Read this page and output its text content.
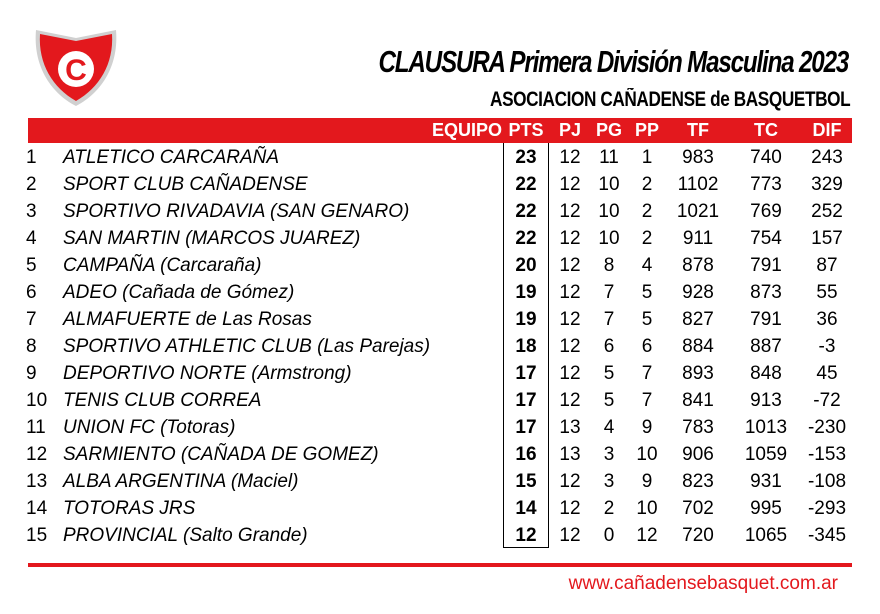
C	CLAUSURA Primera División Masculina 2023
ASOCIACION CAÑADENSE de BASQUETBOL
EQUIPO PTS PJ PG PP	TF	TC	DIF
1	ATLETICO CARCARAÑA	23	12 11	1	983	740	243
2	SPORT CLUB CAÑADENSE	22	12 10	2	1102	773	329
3	SPORTIVO RIVADAVIA (SAN GENARO)	22	12 10	2	1021	769	252
4	SAN MARTIN (MARCOS JUAREZ)	22	12 10	2	911	754	157
5	CAMPAÑA (Carcaraña)	20	12	8	4	878	791	87
6	ADEO (Cañada de Gómez)	19	12	7	5	928	873	55
7	ALMAFUERTE de Las Rosas	19	12	7	5	827	791	36
8	SPORTIVO ATHLETIC CLUB (Las Parejas)	18	12	6	6	884	887	-3
9	DEPORTIVO NORTE (Armstrong)	17	12	5	7	893	848	45
10 TENIS CLUB CORREA	17	12	5	7	841	913	-72
11 UNION FC (Totoras)	17	13	4	9	783	1013	-230
12 SARMIENTO (CAÑADA DE GOMEZ)	16	13	3	10	906	1059	-153
13 ALBA ARGENTINA (Maciel)	15	12	3	9	823	931	-108
14 TOTORAS JRS	14	12	2	10	702	995	-293
15 PROVINCIAL (Salto Grande)	12	12	0	12	720	1065	-345
www.cañadensebasquet.com.ar
